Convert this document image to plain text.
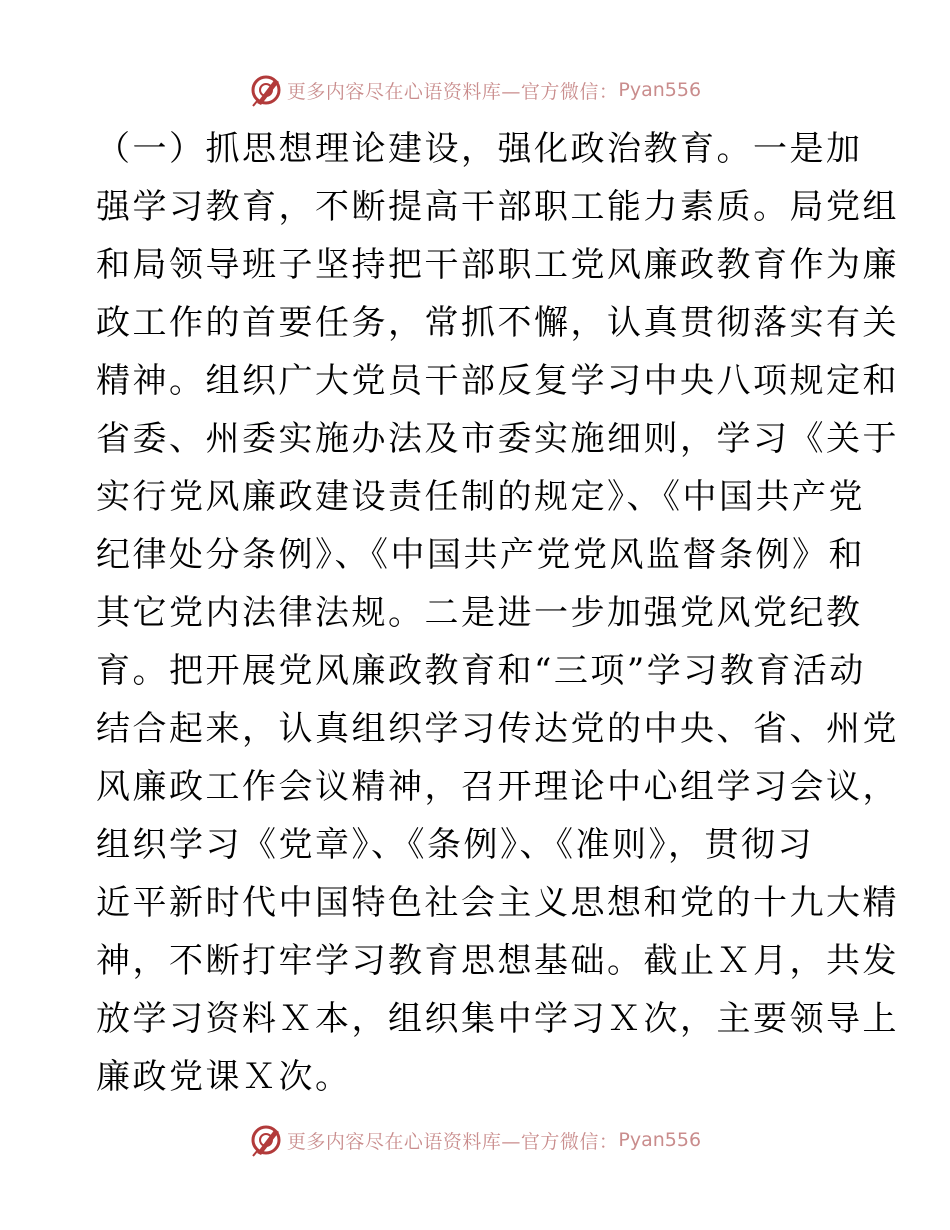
更多内容尽在心语资料库—官方微信： Pyan556
（一）抓思想理论建设，强化政治教育。一是加
强学习教育，不断提高干部职工能力素质。局党组
和局领导班子坚持把干部职工党风廉政教育作为廉
政工作的首要任务，常抓不懈，认真贯彻落实有关
精神。组织广大党员干部反复学习中央八项规定和
省委、州委实施办法及市委实施细则，学习《关于
实行党风廉政建设责任制的规定》、《中国共产党
纪律处分条例》、《中国共产党党风监督条例》和
其它党内法律法规。二是进一步加强党风党纪教
育。把开展党风廉政教育和“三项”学习教育活动
结合起来，认真组织学习传达党的中央、省、州党
风廉政工作会议精神，召开理论中心组学习会议，
组织学习《党章》、《条例》、《准则》，贯彻习
近平新时代中国特色社会主义思想和党的十九大精
神，不断打牢学习教育思想基础。截止Ｘ月，共发
放学习资料Ｘ本，组织集中学习Ｘ次，主要领导上
廉政党课Ｘ次。
更多内容尽在心语资料库—官方微信： Pyan556
